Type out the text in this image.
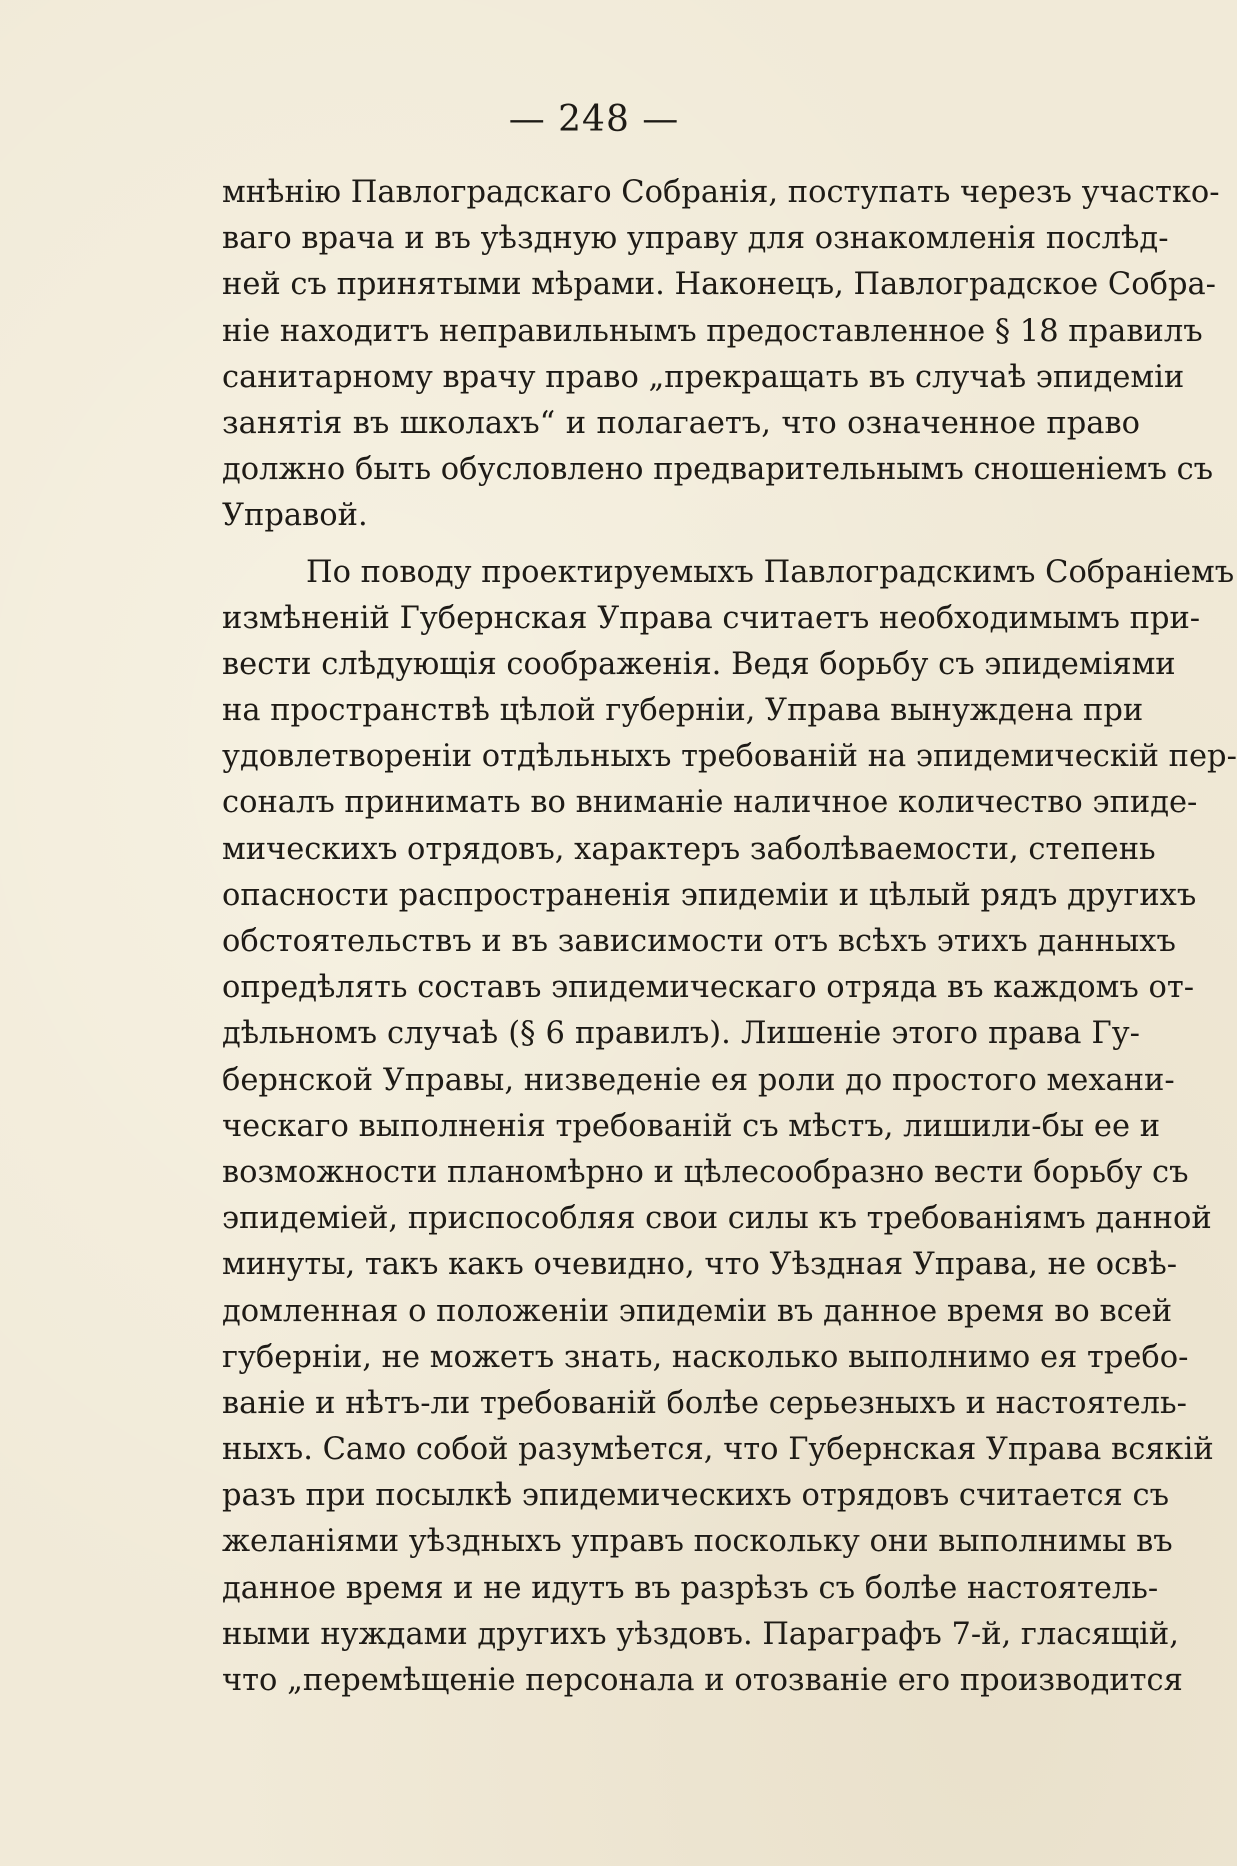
— 248 —
мнѣнію Павлоградскаго Собранія, поступать черезъ участко-
ваго врача и въ уѣздную управу для ознакомленія послѣд-
ней съ принятыми мѣрами. Наконецъ, Павлоградское Собра-
ніе находитъ неправильнымъ предоставленное § 18 правилъ
санитарному врачу право „прекращать въ случаѣ эпидеміи
занятія въ школахъ“ и полагаетъ, что означенное право
должно быть обусловлено предварительнымъ сношеніемъ съ
Управой.
По поводу проектируемыхъ Павлоградскимъ Собраніемъ
измѣненій Губернская Управа считаетъ необходимымъ при-
вести слѣдующія соображенія. Ведя борьбу съ эпидеміями
на пространствѣ цѣлой губерніи, Управа вынуждена при
удовлетвореніи отдѣльныхъ требованій на эпидемическій пер-
соналъ принимать во вниманіе наличное количество эпиде-
мическихъ отрядовъ, характеръ заболѣваемости, степень
опасности распространенія эпидеміи и цѣлый рядъ другихъ
обстоятельствъ и въ зависимости отъ всѣхъ этихъ данныхъ
опредѣлять составъ эпидемическаго отряда въ каждомъ от-
дѣльномъ случаѣ (§ 6 правилъ). Лишеніе этого права Гу-
бернской Управы, низведеніе ея роли до простого механи-
ческаго выполненія требованій съ мѣстъ, лишили-бы ее и
возможности планомѣрно и цѣлесообразно вести борьбу съ
эпидеміей, приспособляя свои силы къ требованіямъ данной
минуты, такъ какъ очевидно, что Уѣздная Управа, не освѣ-
домленная о положеніи эпидеміи въ данное время во всей
губерніи, не можетъ знать, насколько выполнимо ея требо-
ваніе и нѣтъ-ли требованій болѣе серьезныхъ и настоятель-
ныхъ. Само собой разумѣется, что Губернская Управа всякій
разъ при посылкѣ эпидемическихъ отрядовъ считается съ
желаніями уѣздныхъ управъ поскольку они выполнимы въ
данное время и не идутъ въ разрѣзъ съ болѣе настоятель-
ными нуждами другихъ уѣздовъ. Параграфъ 7-й, гласящій,
что „перемѣщеніе персонала и отозваніе его производится
